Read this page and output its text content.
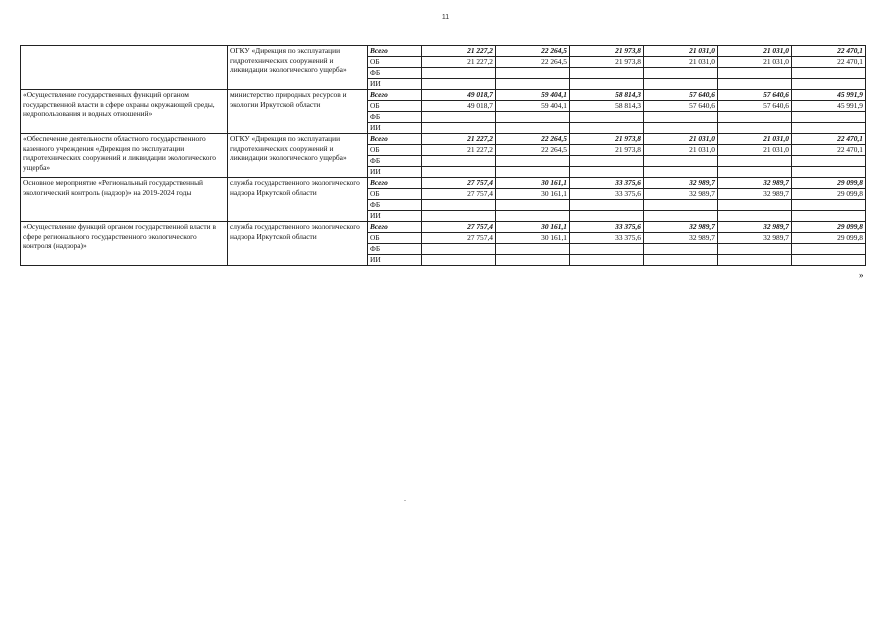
11
	ОГКУ «Дирекция по эксплуатации гидротехнических сооружений и ликвидации экологического ущерба»	Всего	21 227,2	22 264,5	21 973,8	21 031,0	21 031,0	22 470,1
		ОБ	21 227,2	22 264,5	21 973,8	21 031,0	21 031,0	22 470,1
		ФБ						
		ИИ						
«Осуществление государственных функций органом государственной власти в сфере охраны окружающей среды, недропользования и водных отношений»	министерство природных ресурсов и экологии Иркутской области	Всего	49 018,7	59 404,1	58 814,3	57 640,6	57 640,6	45 991,9
		ОБ	49 018,7	59 404,1	58 814,3	57 640,6	57 640,6	45 991,9
		ФБ						
		ИИ						
«Обеспечение деятельности областного государственного казенного учреждения «Дирекция по эксплуатации гидротехнических сооружений и ликвидации экологического ущерба»	ОГКУ «Дирекция по эксплуатации гидротехнических сооружений и ликвидации экологического ущерба»	Всего	21 227,2	22 264,5	21 973,8	21 031,0	21 031,0	22 470,1
		ОБ	21 227,2	22 264,5	21 973,8	21 031,0	21 031,0	22 470,1
		ФБ						
		ИИ						
Основное мероприятие «Региональный государственный экологический контроль (надзор)» на 2019-2024 годы	служба государственного экологического надзора Иркутской области	Всего	27 757,4	30 161,1	33 375,6	32 989,7	32 989,7	29 099,8
		ОБ	27 757,4	30 161,1	33 375,6	32 989,7	32 989,7	29 099,8
		ФБ						
		ИИ						
«Осуществление функций органом государственной власти в сфере регионального государственного экологического контроля (надзора)»	служба государственного экологического надзора Иркутской области	Всего	27 757,4	30 161,1	33 375,6	32 989,7	32 989,7	29 099,8
		ОБ	27 757,4	30 161,1	33 375,6	32 989,7	32 989,7	29 099,8
		ФБ						
		ИИ						
»
